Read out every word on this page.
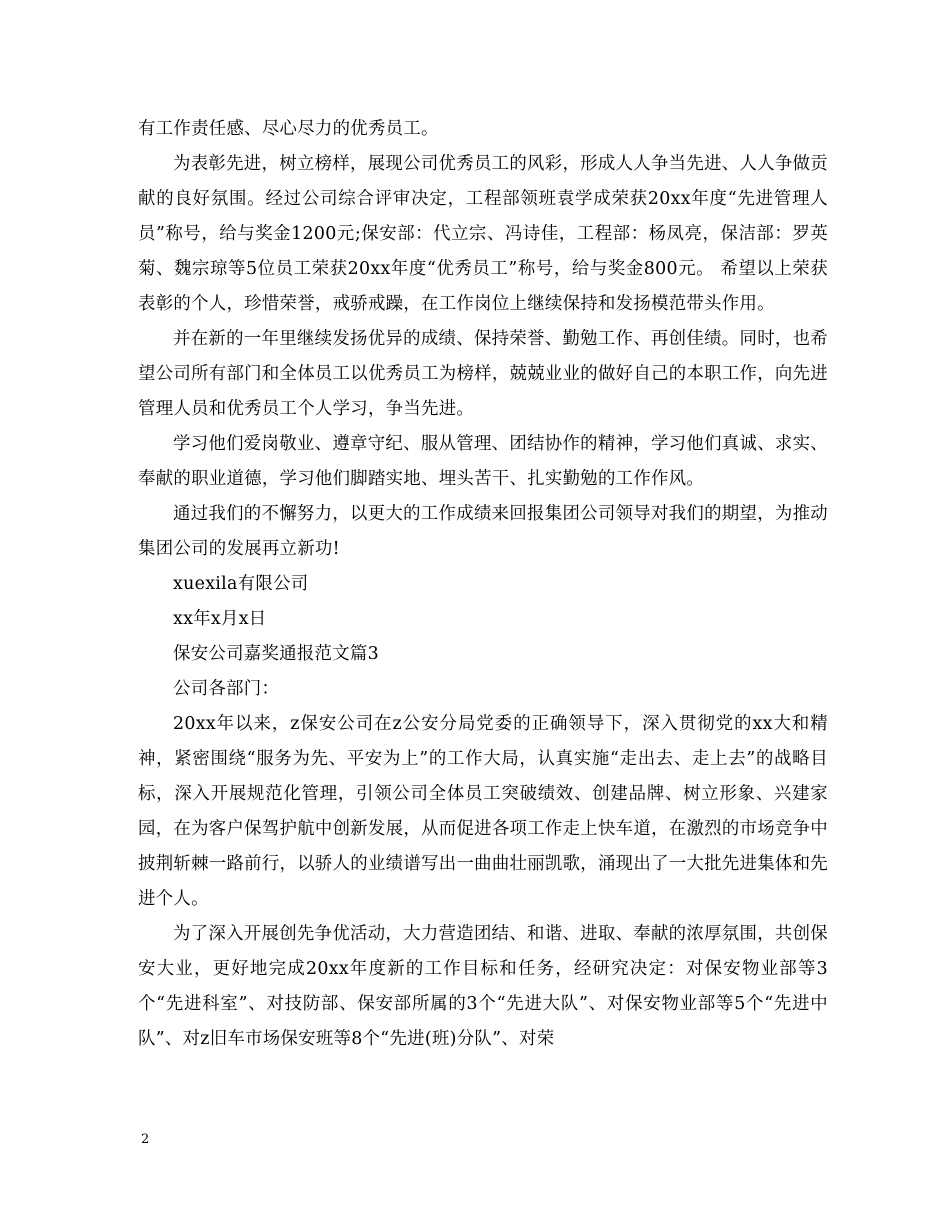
有工作责任感、尽心尽力的优秀员工。

为表彰先进，树立榜样，展现公司优秀员工的风彩，形成人人争当先进、人人争做贡献的良好氛围。经过公司综合评审决定，工程部领班袁学成荣获20xx年度“先进管理人员”称号，给与奖金1200元;保安部：代立宗、冯诗佳，工程部：杨凤亮，保洁部：罗英菊、魏宗琼等5位员工荣获20xx年度“优秀员工”称号，给与奖金800元。 希望以上荣获表彰的个人，珍惜荣誉，戒骄戒躁，在工作岗位上继续保持和发扬模范带头作用。

并在新的一年里继续发扬优异的成绩、保持荣誉、勤勉工作、再创佳绩。同时，也希望公司所有部门和全体员工以优秀员工为榜样，兢兢业业的做好自己的本职工作，向先进管理人员和优秀员工个人学习，争当先进。

学习他们爱岗敬业、遵章守纪、服从管理、团结协作的精神，学习他们真诚、求实、奉献的职业道德，学习他们脚踏实地、埋头苦干、扎实勤勉的工作作风。

通过我们的不懈努力，以更大的工作成绩来回报集团公司领导对我们的期望，为推动集团公司的发展再立新功!

xuexila有限公司

xx年x月x日

保安公司嘉奖通报范文篇3

公司各部门：

20xx年以来，z保安公司在z公安分局党委的正确领导下，深入贯彻党的xx大和精神，紧密围绕“服务为先、平安为上”的工作大局，认真实施“走出去、走上去”的战略目标，深入开展规范化管理，引领公司全体员工突破绩效、创建品牌、树立形象、兴建家园，在为客户保驾护航中创新发展，从而促进各项工作走上快车道，在激烈的市场竞争中披荆斩棘一路前行，以骄人的业绩谱写出一曲曲壮丽凯歌，涌现出了一大批先进集体和先进个人。

为了深入开展创先争优活动，大力营造团结、和谐、进取、奉献的浓厚氛围，共创保安大业，更好地完成20xx年度新的工作目标和任务，经研究决定：对保安物业部等3个“先进科室”、对技防部、保安部所属的3个“先进大队”、对保安物业部等5个“先进中队”、对z旧车市场保安班等8个“先进(班)分队”、对荣

2
